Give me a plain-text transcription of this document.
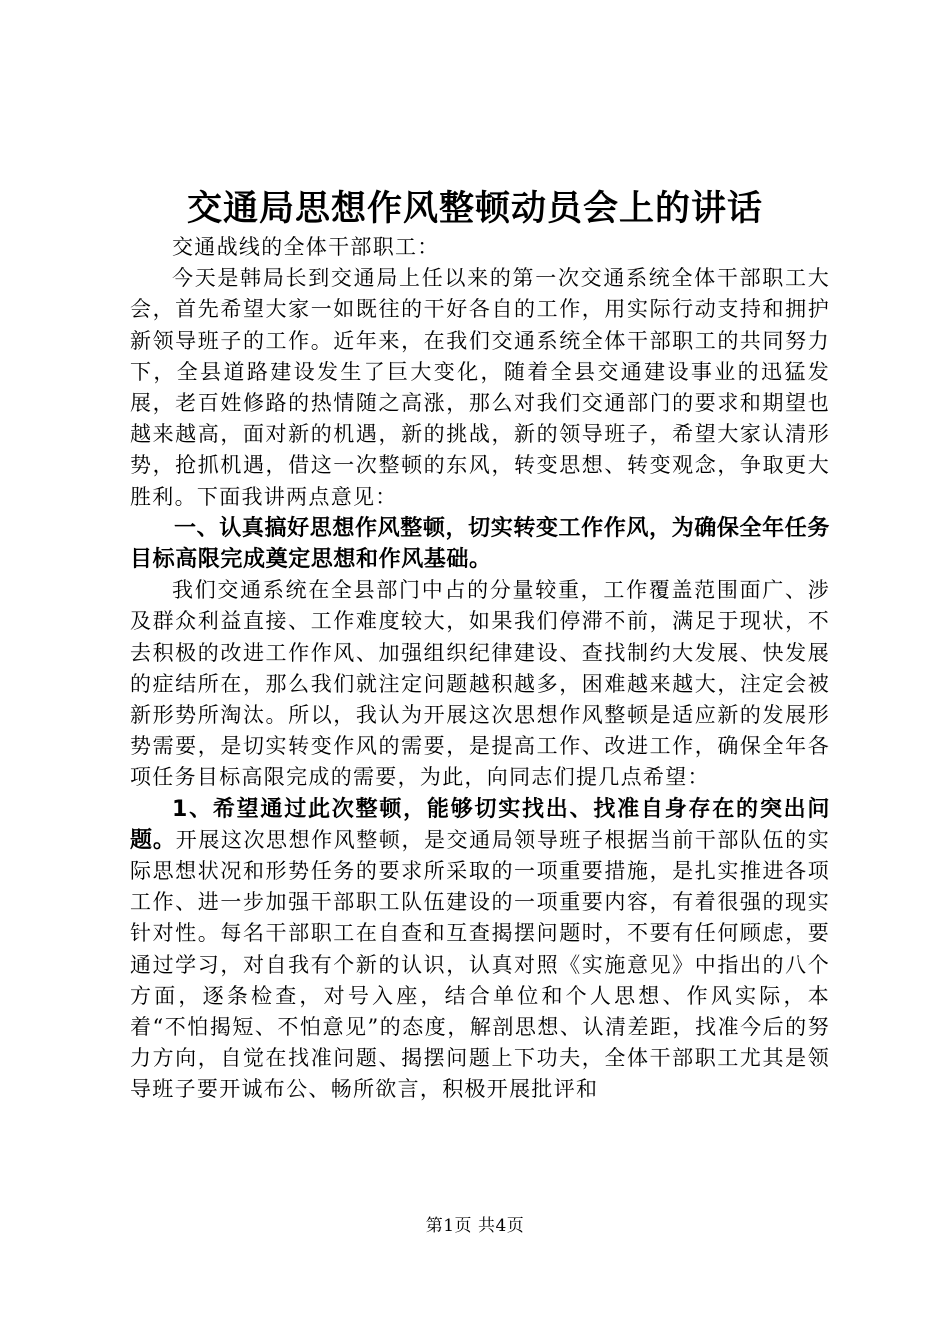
交通局思想作风整顿动员会上的讲话

交通战线的全体干部职工：

今天是韩局长到交通局上任以来的第一次交通系统全体干部职工大会，首先希望大家一如既往的干好各自的工作，用实际行动支持和拥护新领导班子的工作。近年来，在我们交通系统全体干部职工的共同努力下，全县道路建设发生了巨大变化，随着全县交通建设事业的迅猛发展，老百姓修路的热情随之高涨，那么对我们交通部门的要求和期望也越来越高，面对新的机遇，新的挑战，新的领导班子，希望大家认清形势，抢抓机遇，借这一次整顿的东风，转变思想、转变观念，争取更大胜利。下面我讲两点意见：

一、认真搞好思想作风整顿，切实转变工作作风，为确保全年任务目标高限完成奠定思想和作风基础。

我们交通系统在全县部门中占的分量较重，工作覆盖范围面广、涉及群众利益直接、工作难度较大，如果我们停滞不前，满足于现状，不去积极的改进工作作风、加强组织纪律建设、查找制约大发展、快发展的症结所在，那么我们就注定问题越积越多，困难越来越大，注定会被新形势所淘汰。所以，我认为开展这次思想作风整顿是适应新的发展形势需要，是切实转变作风的需要，是提高工作、改进工作，确保全年各项任务目标高限完成的需要，为此，向同志们提几点希望：

1、希望通过此次整顿，能够切实找出、找准自身存在的突出问题。开展这次思想作风整顿，是交通局领导班子根据当前干部队伍的实际思想状况和形势任务的要求所采取的一项重要措施，是扎实推进各项工作、进一步加强干部职工队伍建设的一项重要内容，有着很强的现实针对性。每名干部职工在自查和互查揭摆问题时，不要有任何顾虑，要通过学习，对自我有个新的认识，认真对照《实施意见》中指出的八个方面，逐条检查，对号入座，结合单位和个人思想、作风实际，本着“不怕揭短、不怕意见”的态度，解剖思想、认清差距，找准今后的努力方向，自觉在找准问题、揭摆问题上下功夫，全体干部职工尤其是领导班子要开诚布公、畅所欲言，积极开展批评和

第1页 共4页
